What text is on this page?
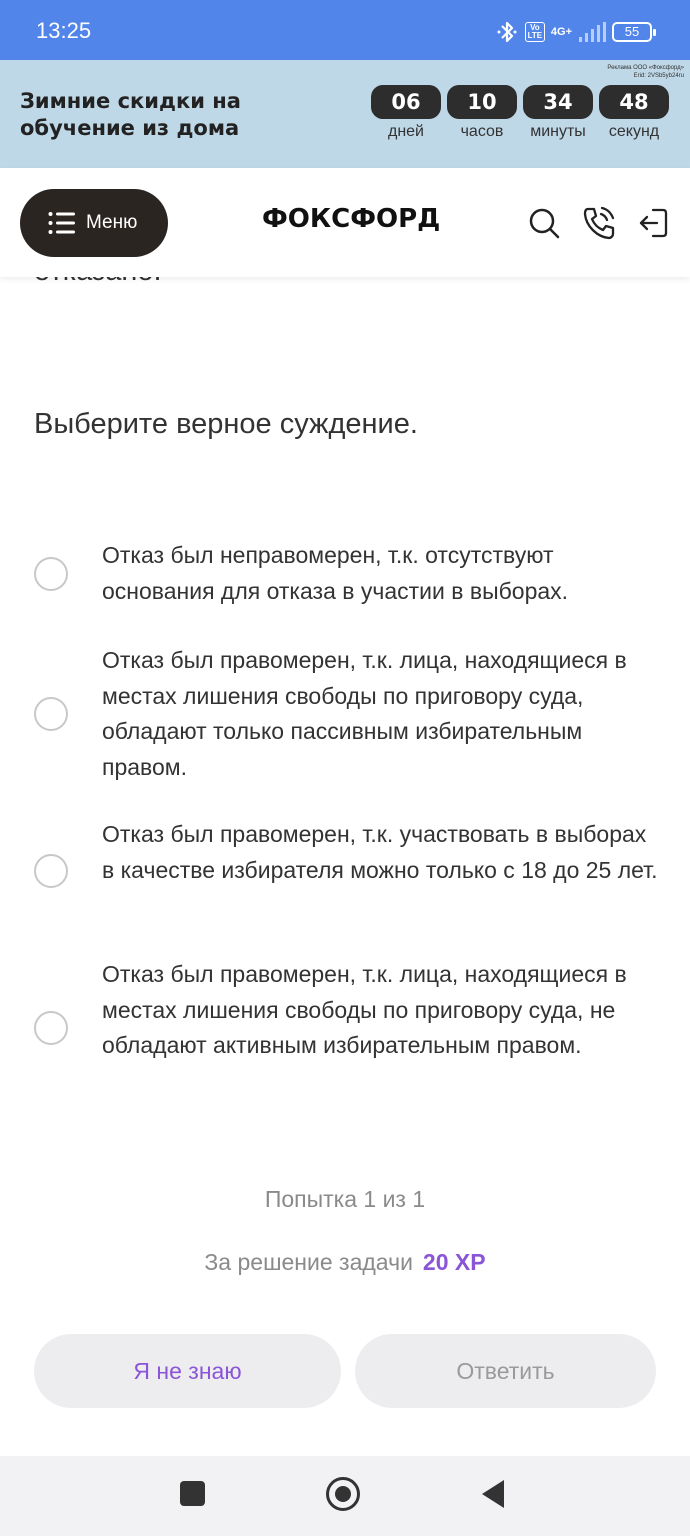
13:25	Vo LTE 4G+	55
Зимние скидки на обучение из дома
Реклама ООО «Фоксфорд»
Erid: 2VSb5yb24ru
06
дней
10
часов
34
минуты
48
секунд
Меню	ФОКСФОРД
Выберите верное суждение.
Отказ был неправомерен, т.к. отсутствуют основания для отказа в участии в выборах.
Отказ был правомерен, т.к. лица, находящиеся в местах лишения свободы по приговору суда, обладают только пассивным избирательным правом.
Отказ был правомерен, т.к. участвовать в выборах в качестве избирателя можно только с 18 до 25 лет.
Отказ был правомерен, т.к. лица, находящиеся в местах лишения свободы по приговору суда, не обладают активным избирательным правом.
Попытка 1 из 1
За решение задачи 20 XP
Я не знаю	Ответить
